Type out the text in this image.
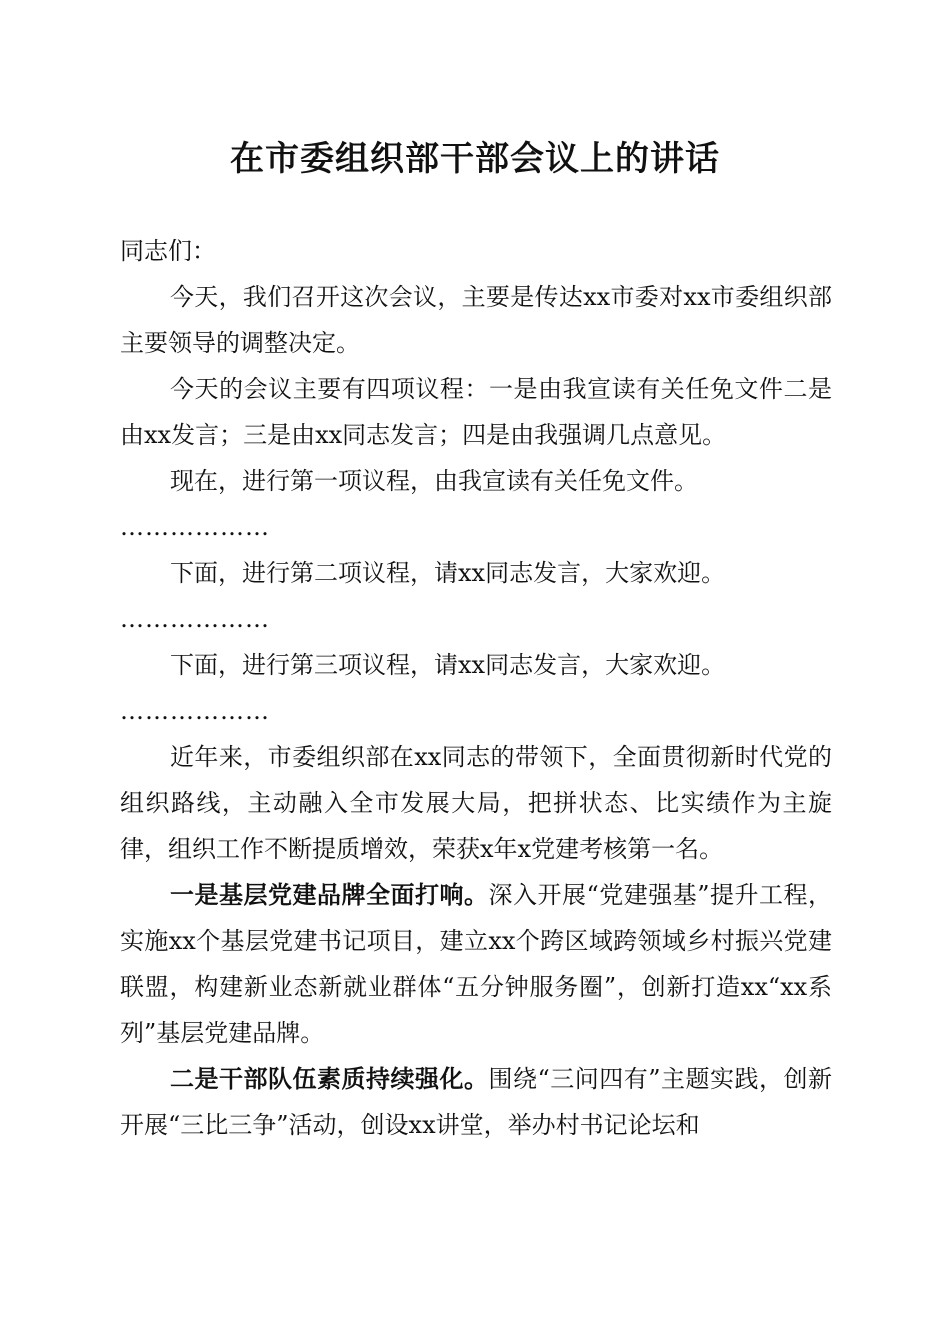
在市委组织部干部会议上的讲话

同志们：

今天，我们召开这次会议，主要是传达xx市委对xx市委组织部主要领导的调整决定。

今天的会议主要有四项议程：一是由我宣读有关任免文件二是由xx发言；三是由xx同志发言；四是由我强调几点意见。

现在，进行第一项议程，由我宣读有关任免文件。

………………

下面，进行第二项议程，请xx同志发言，大家欢迎。

………………

下面，进行第三项议程，请xx同志发言，大家欢迎。

………………

近年来，市委组织部在xx同志的带领下，全面贯彻新时代党的组织路线，主动融入全市发展大局，把拼状态、比实绩作为主旋律，组织工作不断提质增效，荣获x年x党建考核第一名。

一是基层党建品牌全面打响。深入开展“党建强基”提升工程，实施xx个基层党建书记项目，建立xx个跨区域跨领域乡村振兴党建联盟，构建新业态新就业群体“五分钟服务圈”，创新打造xx“xx系列”基层党建品牌。

二是干部队伍素质持续强化。围绕“三问四有”主题实践，创新开展“三比三争”活动，创设xx讲堂，举办村书记论坛和
